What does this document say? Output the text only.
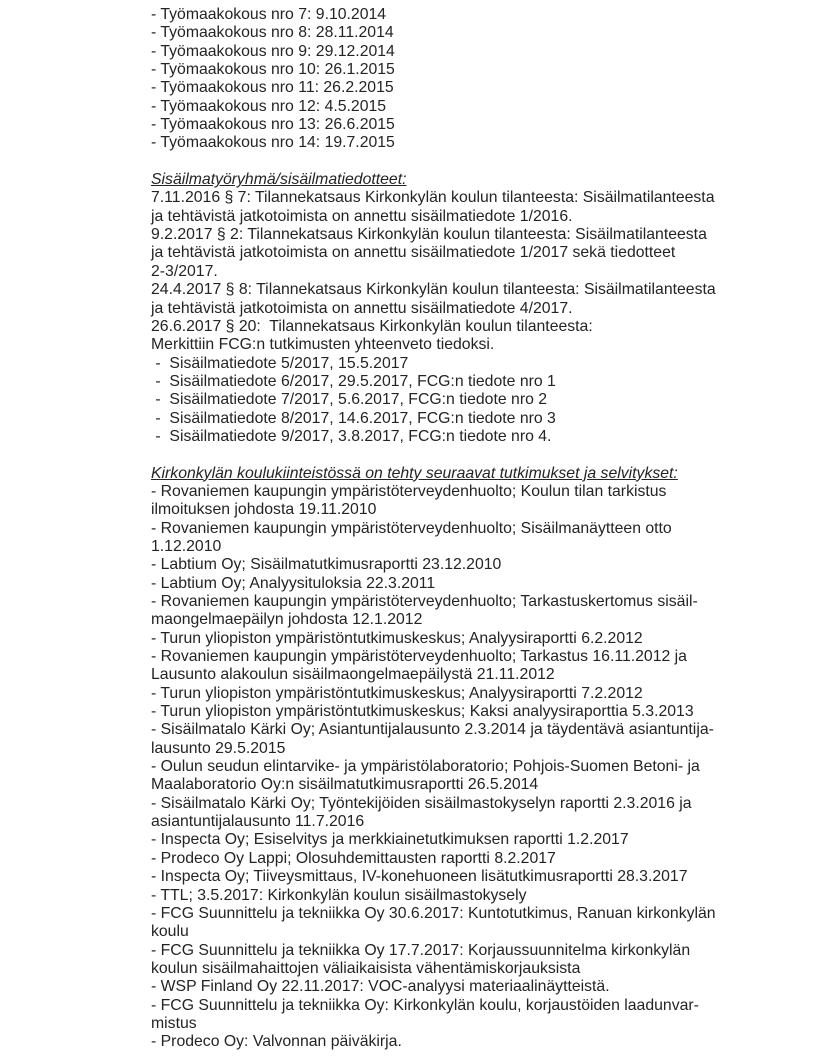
- Työmaakokous nro 7: 9.10.2014
- Työmaakokous nro 8: 28.11.2014
- Työmaakokous nro 9: 29.12.2014
- Työmaakokous nro 10: 26.1.2015
- Työmaakokous nro 11: 26.2.2015
- Työmaakokous nro 12: 4.5.2015
- Työmaakokous nro 13: 26.6.2015
- Työmaakokous nro 14: 19.7.2015
Sisäilmatyöryhmä/sisäilmatiedotteet:
7.11.2016 § 7: Tilannekatsaus Kirkonkylän koulun tilanteesta: Sisäilmatilanteesta
ja tehtävistä jatkotoimista on annettu sisäilmatiedote 1/2016.
9.2.2017 § 2: Tilannekatsaus Kirkonkylän koulun tilanteesta: Sisäilmatilanteesta
ja tehtävistä jatkotoimista on annettu sisäilmatiedote 1/2017 sekä tiedotteet
2-3/2017.
24.4.2017 § 8: Tilannekatsaus Kirkonkylän koulun tilanteesta: Sisäilmatilanteesta
ja tehtävistä jatkotoimista on annettu sisäilmatiedote 4/2017.
26.6.2017 § 20:  Tilannekatsaus Kirkonkylän koulun tilanteesta:
Merkittiin FCG:n tutkimusten yhteenveto tiedoksi.
-  Sisäilmatiedote 5/2017, 15.5.2017
-  Sisäilmatiedote 6/2017, 29.5.2017, FCG:n tiedote nro 1
-  Sisäilmatiedote 7/2017, 5.6.2017, FCG:n tiedote nro 2
-  Sisäilmatiedote 8/2017, 14.6.2017, FCG:n tiedote nro 3
-  Sisäilmatiedote 9/2017, 3.8.2017, FCG:n tiedote nro 4.
Kirkonkylän koulukiinteistössä on tehty seuraavat tutkimukset ja selvitykset:
- Rovaniemen kaupungin ympäristöterveydenhuolto; Koulun tilan tarkistus
ilmoituksen johdosta 19.11.2010
- Rovaniemen kaupungin ympäristöterveydenhuolto; Sisäilmanäytteen otto
1.12.2010
- Labtium Oy; Sisäilmatutkimusraportti 23.12.2010
- Labtium Oy; Analyysituloksia 22.3.2011
- Rovaniemen kaupungin ympäristöterveydenhuolto; Tarkastuskertomus sisäil-
maongelmaepäilyn johdosta 12.1.2012
- Turun yliopiston ympäristöntutkimuskeskus; Analyysiraportti 6.2.2012
- Rovaniemen kaupungin ympäristöterveydenhuolto; Tarkastus 16.11.2012 ja
Lausunto alakoulun sisäilmaongelmaepäilystä 21.11.2012
- Turun yliopiston ympäristöntutkimuskeskus; Analyysiraportti 7.2.2012
- Turun yliopiston ympäristöntutkimuskeskus; Kaksi analyysiraporttia 5.3.2013
- Sisäilmatalo Kärki Oy; Asiantuntijalausunto 2.3.2014 ja täydentävä asiantuntija-
lausunto 29.5.2015
- Oulun seudun elintarvike- ja ympäristölaboratorio; Pohjois-Suomen Betoni- ja
Maalaboratorio Oy:n sisäilmatutkimusraportti 26.5.2014
- Sisäilmatalo Kärki Oy; Työntekijöiden sisäilmastokyselyn raportti 2.3.2016 ja
asiantuntijalausunto 11.7.2016
- Inspecta Oy; Esiselvitys ja merkkiainetutkimuksen raportti 1.2.2017
- Prodeco Oy Lappi; Olosuhdemittausten raportti 8.2.2017
- Inspecta Oy; Tiiveysmittaus, IV-konehuoneen lisätutkimusraportti 28.3.2017
- TTL; 3.5.2017: Kirkonkylän koulun sisäilmastokysely
- FCG Suunnittelu ja tekniikka Oy 30.6.2017: Kuntotutkimus, Ranuan kirkonkylän
koulu
- FCG Suunnittelu ja tekniikka Oy 17.7.2017: Korjaussuunnitelma kirkonkylän
koulun sisäilmahaittojen väliaikaisista vähentämiskorjauksista
- WSP Finland Oy 22.11.2017: VOC-analyysi materiaalinäytteistä.
- FCG Suunnittelu ja tekniikka Oy: Kirkonkylän koulu, korjaustöiden laadunvar-
mistus
- Prodeco Oy: Valvonnan päiväkirja.
